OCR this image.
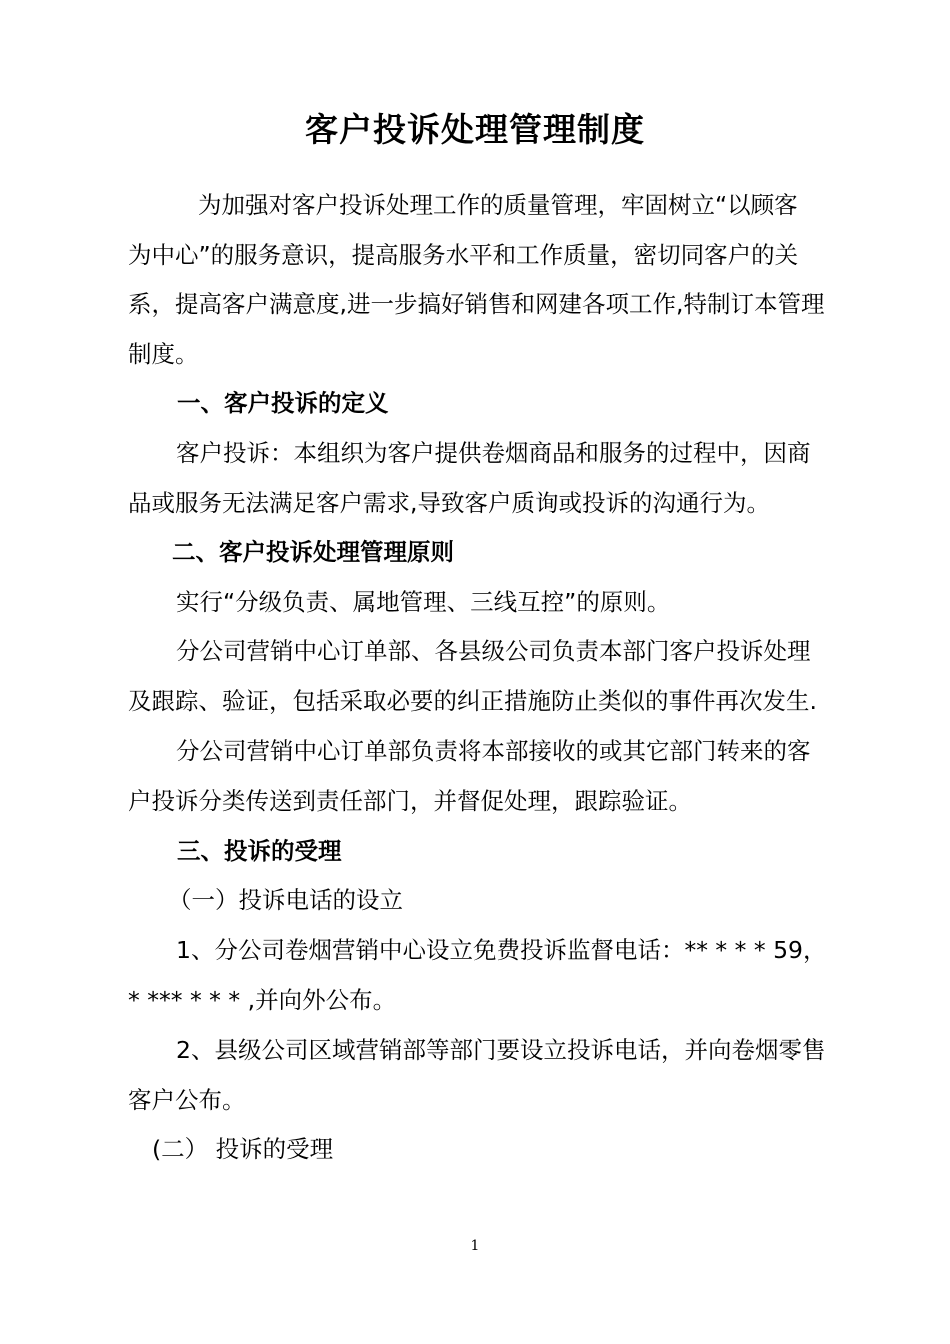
客户投诉处理管理制度

为加强对客户投诉处理工作的质量管理，牢固树立“以顾客
为中心”的服务意识，提高服务水平和工作质量，密切同客户的关
系，提高客户满意度,进一步搞好销售和网建各项工作,特制订本管理
制度。

一、客户投诉的定义

客户投诉：本组织为客户提供卷烟商品和服务的过程中，因商
品或服务无法满足客户需求,导致客户质询或投诉的沟通行为。

二、客户投诉处理管理原则

实行“分级负责、属地管理、三线互控”的原则。

分公司营销中心订单部、各县级公司负责本部门客户投诉处理
及跟踪、验证，包括采取必要的纠正措施防止类似的事件再次发生.

分公司营销中心订单部负责将本部接收的或其它部门转来的客
户投诉分类传送到责任部门，并督促处理，跟踪验证。

三、投诉的受理

（一）投诉电话的设立

1、分公司卷烟营销中心设立免费投诉监督电话：** * * * 59，
* *** * * * ,并向外公布。

2、县级公司区域营销部等部门要设立投诉电话，并向卷烟零售
客户公布。

(二） 投诉的受理

1
